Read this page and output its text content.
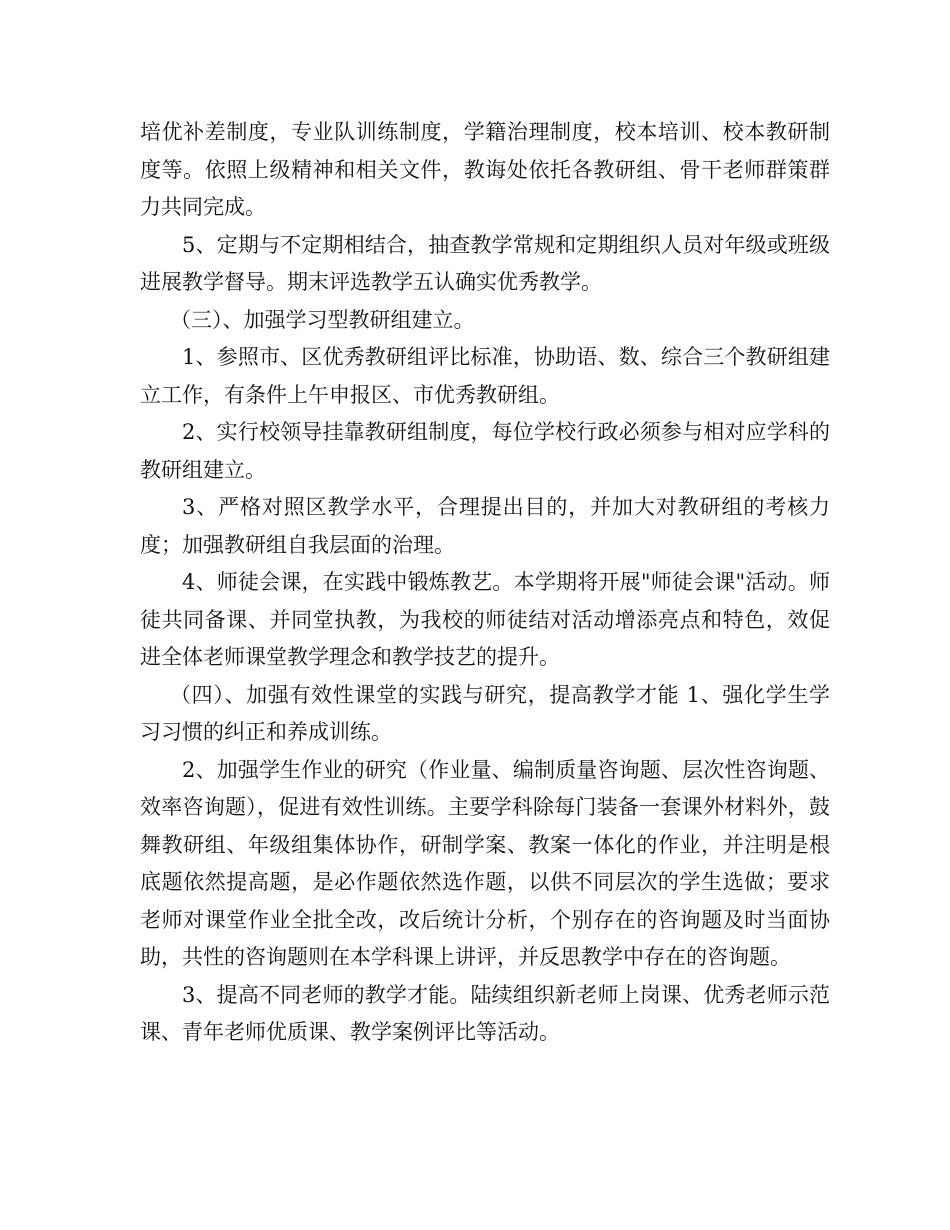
培优补差制度，专业队训练制度，学籍治理制度，校本培训、校本教研制度等。依照上级精神和相关文件，教诲处依托各教研组、骨干老师群策群力共同完成。

5、定期与不定期相结合，抽查教学常规和定期组织人员对年级或班级进展教学督导。期末评选教学五认确实优秀教学。

（三）、加强学习型教研组建立。

1、参照市、区优秀教研组评比标准，协助语、数、综合三个教研组建立工作，有条件上午申报区、市优秀教研组。

2、实行校领导挂靠教研组制度，每位学校行政必须参与相对应学科的教研组建立。

3、严格对照区教学水平，合理提出目的，并加大对教研组的考核力度；加强教研组自我层面的治理。

4、师徒会课，在实践中锻炼教艺。本学期将开展"师徒会课"活动。师徒共同备课、并同堂执教，为我校的师徒结对活动增添亮点和特色，效促进全体老师课堂教学理念和教学技艺的提升。

（四）、加强有效性课堂的实践与研究，提高教学才能 1、强化学生学习习惯的纠正和养成训练。

2、加强学生作业的研究（作业量、编制质量咨询题、层次性咨询题、效率咨询题），促进有效性训练。主要学科除每门装备一套课外材料外，鼓舞教研组、年级组集体协作，研制学案、教案一体化的作业，并注明是根底题依然提高题，是必作题依然选作题，以供不同层次的学生选做；要求老师对课堂作业全批全改，改后统计分析，个别存在的咨询题及时当面协助，共性的咨询题则在本学科课上讲评，并反思教学中存在的咨询题。

3、提高不同老师的教学才能。陆续组织新老师上岗课、优秀老师示范课、青年老师优质课、教学案例评比等活动。
